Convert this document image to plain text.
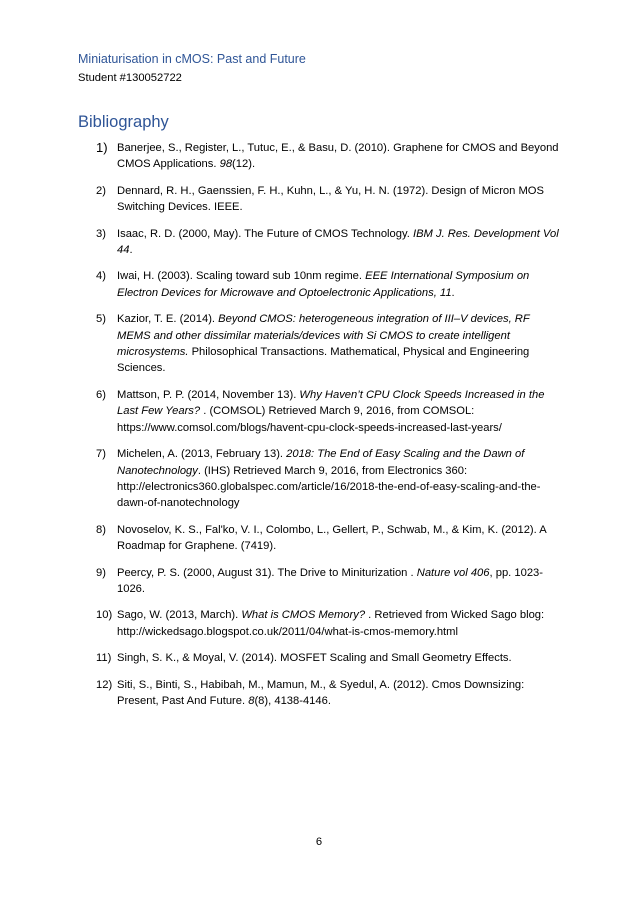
Miniaturisation in cMOS: Past and Future
Student #130052722
Bibliography
1) Banerjee, S., Register, L., Tutuc, E., & Basu, D. (2010). Graphene for CMOS and Beyond CMOS Applications. 98(12).
2) Dennard, R. H., Gaenssien, F. H., Kuhn, L., & Yu, H. N. (1972). Design of Micron MOS Switching Devices. IEEE.
3) Isaac, R. D. (2000, May). The Future of CMOS Technology. IBM J. Res. Development Vol 44.
4) Iwai, H. (2003). Scaling toward sub 10nm regime. EEE International Symposium on Electron Devices for Microwave and Optoelectronic Applications, 11.
5) Kazior, T. E. (2014). Beyond CMOS: heterogeneous integration of III–V devices, RF MEMS and other dissimilar materials/devices with Si CMOS to create intelligent microsystems. Philosophical Transactions. Mathematical, Physical and Engineering Sciences.
6) Mattson, P. P. (2014, November 13). Why Haven’t CPU Clock Speeds Increased in the Last Few Years? . (COMSOL) Retrieved March 9, 2016, from COMSOL: https://www.comsol.com/blogs/havent-cpu-clock-speeds-increased-last-years/
7) Michelen, A. (2013, February 13). 2018: The End of Easy Scaling and the Dawn of Nanotechnology. (IHS) Retrieved March 9, 2016, from Electronics 360: http://electronics360.globalspec.com/article/16/2018-the-end-of-easy-scaling-and-the-dawn-of-nanotechnology
8) Novoselov, K. S., Fal'ko, V. I., Colombo, L., Gellert, P., Schwab, M., & Kim, K. (2012). A Roadmap for Graphene. (7419).
9) Peercy, P. S. (2000, August 31). The Drive to Miniturization . Nature vol 406, pp. 1023-1026.
10) Sago, W. (2013, March). What is CMOS Memory? . Retrieved from Wicked Sago blog: http://wickedsago.blogspot.co.uk/2011/04/what-is-cmos-memory.html
11) Singh, S. K., & Moyal, V. (2014). MOSFET Scaling and Small Geometry Effects.
12) Siti, S., Binti, S., Habibah, M., Mamun, M., & Syedul, A. (2012). Cmos Downsizing: Present, Past And Future. 8(8), 4138-4146.
6
